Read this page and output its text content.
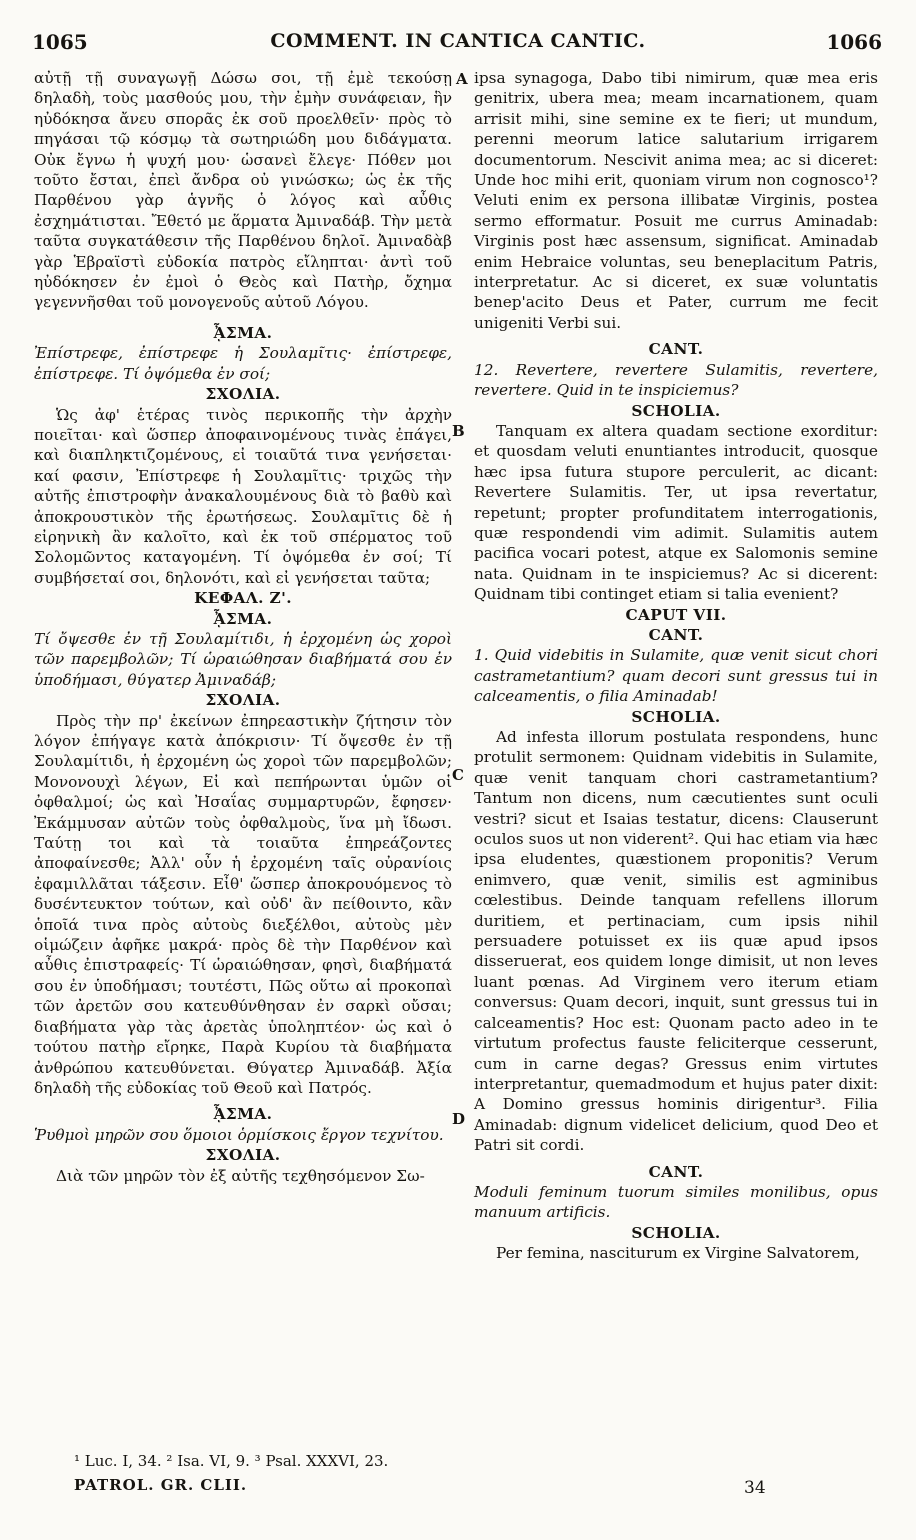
1065	COMMENT. IN CANTICA CANTIC.	1066

αὐτῇ τῇ συναγωγῇ Δώσω σοι, τῇ ἐμὲ τεκούσῃ δηλαδὴ, τοὺς μασθούς μου, τὴν ἐμὴν συνάφειαν, ἣν ηὐδόκησα ἄνευ σπορᾶς ἐκ σοῦ προελθεῖν· πρὸς τὸ πηγάσαι τῷ κόσμῳ τὰ σωτηριώδη μου διδάγματα. Οὐκ ἔγνω ἡ ψυχή μου· ὡσανεὶ ἔλεγε· Πόθεν μοι τοῦτο ἔσται, ἐπεὶ ἄνδρα οὐ γινώσκω; ὡς ἐκ τῆς Παρθένου γὰρ ἁγνῆς ὁ λόγος καὶ αὖθις ἐσχημάτισται. Ἔθετό με ἅρματα Ἀμιναδάβ. Τὴν μετὰ ταῦτα συγκατάθεσιν τῆς Παρθένου δηλοῖ. Ἀμιναδὰβ γὰρ Ἑβραϊστὶ εὐδοκία πατρὸς εἴληπται· ἀντὶ τοῦ ηὐδόκησεν ἐν ἐμοὶ ὁ Θεὸς καὶ Πατὴρ, ὄχημα γεγεννῆσθαι τοῦ μονογενοῦς αὐτοῦ Λόγου.

ᾎΣΜΑ.

Ἐπίστρεφε, ἐπίστρεφε ἡ Σουλαμῖτις· ἐπίστρεφε, ἐπίστρεφε. Τί ὀψόμεθα ἐν σοί;

ΣΧΟΛΙΑ.

Ὡς ἀφ' ἑτέρας τινὸς περικοπῆς τὴν ἀρχὴν ποιεῖται· καὶ ὥσπερ ἀποφαινομένους τινὰς ἐπάγει, καὶ διαπληκτιζομένους, εἰ τοιαῦτά τινα γενήσεται· καί φασιν, Ἐπίστρεφε ἡ Σουλαμῖτις· τριχῶς τὴν αὐτῆς ἐπιστροφὴν ἀνακαλουμένους διὰ τὸ βαθὺ καὶ ἀποκρουστικὸν τῆς ἐρωτήσεως. Σουλαμῖτις δὲ ἡ εἰρηνικὴ ἂν καλοῖτο, καὶ ἐκ τοῦ σπέρματος τοῦ Σολομῶντος καταγομένη. Τί ὀψόμεθα ἐν σοί; Τί συμβήσεταί σοι, δηλονότι, καὶ εἰ γενήσεται ταῦτα;

ΚΕΦΑΛ. Ζ'.

ᾎΣΜΑ.

Τί ὄψεσθε ἐν τῇ Σουλαμίτιδι, ἡ ἐρχομένη ὡς χοροὶ τῶν παρεμβολῶν; Τί ὡραιώθησαν διαβήματά σου ἐν ὑποδήμασι, θύγατερ Ἀμιναδάβ;

ΣΧΟΛΙΑ.

Πρὸς τὴν πρ' ἐκείνων ἐπηρεαστικὴν ζήτησιν τὸν λόγον ἐπήγαγε κατὰ ἀπόκρισιν· Τί ὄψεσθε ἐν τῇ Σουλαμίτιδι, ἡ ἐρχομένη ὡς χοροὶ τῶν παρεμβολῶν; Μονονουχὶ λέγων, Εἰ καὶ πεπήρωνται ὑμῶν οἱ ὀφθαλμοί; ὡς καὶ Ἠσαΐας συμμαρτυρῶν, ἔφησεν· Ἐκάμμυσαν αὐτῶν τοὺς ὀφθαλμοὺς, ἵνα μὴ ἴδωσι. Ταύτῃ τοι καὶ τὰ τοιαῦτα ἐπηρεάζοντες ἀποφαίνεσθε; Ἀλλ' οὖν ἡ ἐρχομένη ταῖς οὐρανίοις ἐφαμιλλᾶται τάξεσιν. Εἶθ' ὥσπερ ἀποκρουόμενος τὸ δυσέντευκτον τούτων, καὶ οὐδ' ἂν πείθοιντο, κἂν ὁποῖά τινα πρὸς αὐτοὺς διεξέλθοι, αὐτοὺς μὲν οἱμώζειν ἀφῆκε μακρά· πρὸς δὲ τὴν Παρθένον καὶ αὖθις ἐπιστραφείς· Τί ὡραιώθησαν, φησὶ, διαβήματά σου ἐν ὑποδήμασι; τουτέστι, Πῶς οὕτω αἱ προκοπαὶ τῶν ἀρετῶν σου κατευθύνθησαν ἐν σαρκὶ οὔσαι; διαβήματα γὰρ τὰς ἀρετὰς ὑποληπτέον· ὡς καὶ ὁ τούτου πατὴρ εἴρηκε, Παρὰ Κυρίου τὰ διαβήματα ἀνθρώπου κατευθύνεται. Θύγατερ Ἀμιναδάβ. Ἀξία δηλαδὴ τῆς εὐδοκίας τοῦ Θεοῦ καὶ Πατρός.

ᾎΣΜΑ.

Ῥυθμοὶ μηρῶν σου ὅμοιοι ὁρμίσκοις ἔργον τεχνίτου.

ΣΧΟΛΙΑ.

Διὰ τῶν μηρῶν τὸν ἐξ αὐτῆς τεχθησόμενον Σω-

ipsa synagoga, Dabo tibi nimirum, quæ mea eris genitrix, ubera mea; meam incarnationem, quam arrisit mihi, sine semine ex te fieri; ut mundum, perenni meorum latice salutarium irrigarem documentorum. Nescivit anima mea; ac si diceret: Unde hoc mihi erit, quoniam virum non cognosco¹? Veluti enim ex persona illibatæ Virginis, postea sermo efformatur. Posuit me currus Aminadab: Virginis post hæc assensum, significat. Aminadab enim Hebraice voluntas, seu beneplacitum Patris, interpretatur. Ac si diceret, ex suæ voluntatis benep'acito Deus et Pater, currum me fecit unigeniti Verbi sui.

CANT.

12. Revertere, revertere Sulamitis, revertere, revertere. Quid in te inspiciemus?

SCHOLIA.

Tanquam ex altera quadam sectione exorditur: et quosdam veluti enuntiantes introducit, quosque hæc ipsa futura stupore perculerit, ac dicant: Revertere Sulamitis. Ter, ut ipsa revertatur, repetunt; propter profunditatem interrogationis, quæ respondendi vim adimit. Sulamitis autem pacifica vocari potest, atque ex Salomonis semine nata. Quidnam in te inspiciemus? Ac si dicerent: Quidnam tibi continget etiam si talia evenient?

CAPUT VII.

CANT.

1. Quid videbitis in Sulamite, quæ venit sicut chori castrametantium? quam decori sunt gressus tui in calceamentis, o filia Aminadab!

SCHOLIA.

Ad infesta illorum postulata respondens, hunc protulit sermonem: Quidnam videbitis in Sulamite, quæ venit tanquam chori castrametantium? Tantum non dicens, num cæcutientes sunt oculi vestri? sicut et Isaias testatur, dicens: Clauserunt oculos suos ut non viderent². Qui hac etiam via hæc ipsa eludentes, quæstionem proponitis? Verum enimvero, quæ venit, similis est agminibus cœlestibus. Deinde tanquam refellens illorum duritiem, et pertinaciam, cum ipsis nihil persuadere potuisset ex iis quæ apud ipsos disseruerat, eos quidem longe dimisit, ut non leves luant pœnas. Ad Virginem vero iterum etiam conversus: Quam decori, inquit, sunt gressus tui in calceamentis? Hoc est: Quonam pacto adeo in te virtutum profectus fauste feliciterque cesserunt, cum in carne degas? Gressus enim virtutes interpretantur, quemadmodum et hujus pater dixit: A Domino gressus hominis dirigentur³. Filia Aminadab: dignum videlicet delicium, quod Deo et Patri sit cordi.

CANT.

Moduli feminum tuorum similes monilibus, opus manuum artificis.

SCHOLIA.

Per femina, nasciturum ex Virgine Salvatorem,

A
B
C
D
¹ Luc. I, 34. ² Isa. VI, 9. ³ Psal. XXXVI, 23.
PATROL. GR. CLII.	34
